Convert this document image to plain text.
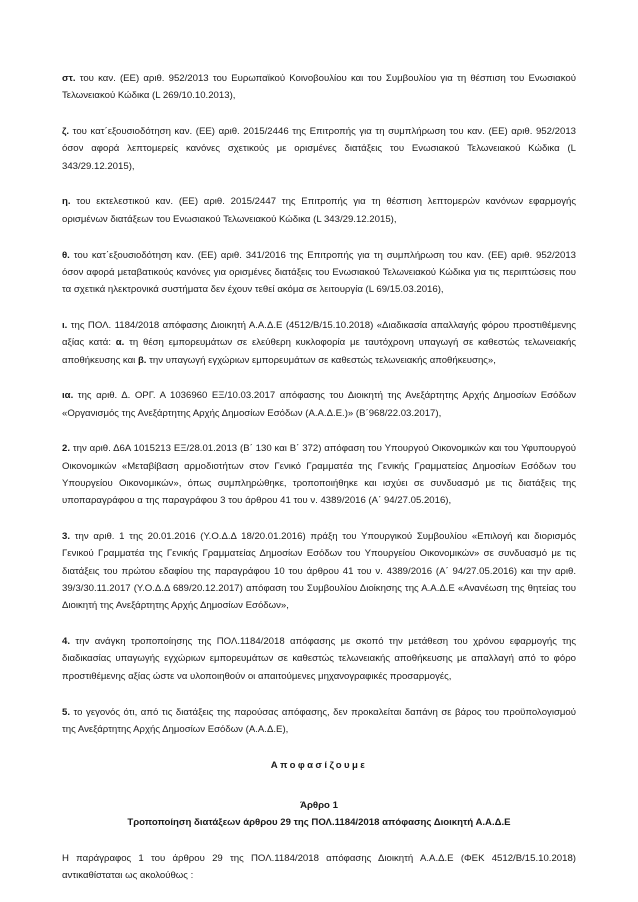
στ. του καν. (ΕΕ) αριθ. 952/2013 του Ευρωπαϊκού Κοινοβουλίου και του Συμβουλίου για τη θέσπιση του Ενωσιακού Τελωνειακού Κώδικα (L 269/10.10.2013),

ζ. του κατ΄εξουσιοδότηση καν. (ΕΕ) αριθ. 2015/2446 της Επιτροπής για τη συμπλήρωση του καν. (ΕΕ) αριθ. 952/2013 όσον αφορά λεπτομερείς κανόνες σχετικούς με ορισμένες διατάξεις του Ενωσιακού Τελωνειακού Κώδικα (L 343/29.12.2015),

η. του εκτελεστικού καν. (ΕΕ) αριθ. 2015/2447 της Επιτροπής για τη θέσπιση λεπτομερών κανόνων εφαρμογής ορισμένων διατάξεων του Ενωσιακού Τελωνειακού Κώδικα (L 343/29.12.2015),

θ. του κατ΄εξουσιοδότηση καν. (ΕΕ) αριθ. 341/2016 της Επιτροπής για τη συμπλήρωση του καν. (ΕΕ) αριθ. 952/2013 όσον αφορά μεταβατικούς κανόνες για ορισμένες διατάξεις του Ενωσιακού Τελωνειακού Κώδικα για τις περιπτώσεις που τα σχετικά ηλεκτρονικά συστήματα δεν έχουν τεθεί ακόμα σε λειτουργία (L 69/15.03.2016),

ι. της ΠΟΛ. 1184/2018 απόφασης Διοικητή Α.Α.Δ.Ε (4512/Β/15.10.2018) «Διαδικασία απαλλαγής φόρου προστιθέμενης αξίας κατά: α. τη θέση εμπορευμάτων σε ελεύθερη κυκλοφορία με ταυτόχρονη υπαγωγή σε καθεστώς τελωνειακής αποθήκευσης και β. την υπαγωγή εγχώριων εμπορευμάτων σε καθεστώς τελωνειακής αποθήκευσης»,

ια. της αριθ. Δ. ΟΡΓ. Α 1036960 ΕΞ/10.03.2017 απόφασης του Διοικητή της Ανεξάρτητης Αρχής Δημοσίων Εσόδων «Οργανισμός της Ανεξάρτητης Αρχής Δημοσίων Εσόδων (Α.Α.Δ.Ε.)» (Β΄968/22.03.2017),

2. την αριθ. Δ6Α 1015213 ΕΞ/28.01.2013 (Β΄ 130 και Β΄ 372) απόφαση του Υπουργού Οικονομικών και του Υφυπουργού Οικονομικών «Μεταβίβαση αρμοδιοτήτων στον Γενικό Γραμματέα της Γενικής Γραμματείας Δημοσίων Εσόδων του Υπουργείου Οικονομικών», όπως συμπληρώθηκε, τροποποιήθηκε και ισχύει σε συνδυασμό με τις διατάξεις της υποπαραγράφου α της παραγράφου 3 του άρθρου 41 του ν. 4389/2016 (Α΄ 94/27.05.2016),

3. την αριθ. 1 της 20.01.2016 (Υ.Ο.Δ.Δ 18/20.01.2016) πράξη του Υπουργικού Συμβουλίου «Επιλογή και διορισμός Γενικού Γραμματέα της Γενικής Γραμματείας Δημοσίων Εσόδων του Υπουργείου Οικονομικών» σε συνδυασμό με τις διατάξεις του πρώτου εδαφίου της παραγράφου 10 του άρθρου 41 του ν. 4389/2016 (Α΄ 94/27.05.2016) και την αριθ. 39/3/30.11.2017 (Υ.Ο.Δ.Δ 689/20.12.2017) απόφαση του Συμβουλίου Διοίκησης της Α.Α.Δ.Ε «Ανανέωση της θητείας του Διοικητή της Ανεξάρτητης Αρχής Δημοσίων Εσόδων»,

4. την ανάγκη τροποποίησης της ΠΟΛ.1184/2018 απόφασης με σκοπό την μετάθεση του χρόνου εφαρμογής της διαδικασίας υπαγωγής εγχώριων εμπορευμάτων σε καθεστώς τελωνειακής αποθήκευσης με απαλλαγή από το φόρο προστιθέμενης αξίας ώστε να υλοποιηθούν οι απαιτούμενες μηχανογραφικές προσαρμογές,

5. το γεγονός ότι, από τις διατάξεις της παρούσας απόφασης, δεν προκαλείται δαπάνη σε βάρος του προϋπολογισμού της Ανεξάρτητης Αρχής Δημοσίων Εσόδων (Α.Α.Δ.Ε),

Αποφασίζουμε

Άρθρο 1

Τροποποίηση διατάξεων άρθρου 29 της ΠΟΛ.1184/2018 απόφασης Διοικητή Α.Α.Δ.Ε

Η παράγραφος 1 του άρθρου 29 της ΠΟΛ.1184/2018 απόφασης Διοικητή Α.Α.Δ.Ε (ΦΕΚ 4512/Β/15.10.2018) αντικαθίσταται ως ακολούθως :
